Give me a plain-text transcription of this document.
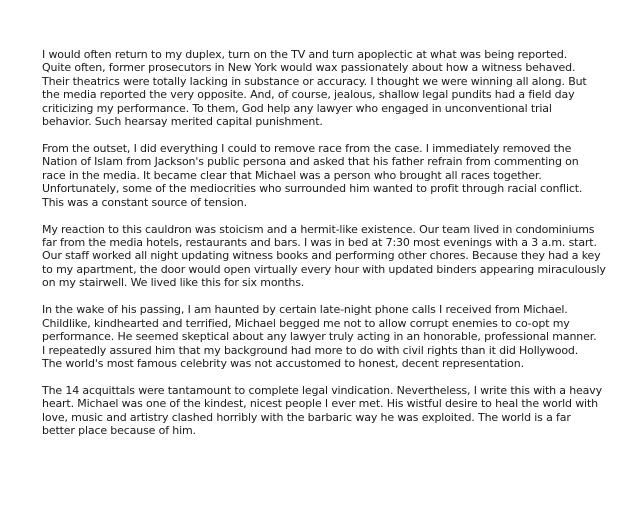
I would often return to my duplex, turn on the TV and turn apoplectic at what was being reported.
Quite often, former prosecutors in New York would wax passionately about how a witness behaved.
Their theatrics were totally lacking in substance or accuracy. I thought we were winning all along. But
the media reported the very opposite. And, of course, jealous, shallow legal pundits had a field day
criticizing my performance. To them, God help any lawyer who engaged in unconventional trial
behavior. Such hearsay merited capital punishment.

From the outset, I did everything I could to remove race from the case. I immediately removed the
Nation of Islam from Jackson's public persona and asked that his father refrain from commenting on
race in the media. It became clear that Michael was a person who brought all races together.
Unfortunately, some of the mediocrities who surrounded him wanted to profit through racial conflict.
This was a constant source of tension.

My reaction to this cauldron was stoicism and a hermit-like existence. Our team lived in condominiums
far from the media hotels, restaurants and bars. I was in bed at 7:30 most evenings with a 3 a.m. start.
Our staff worked all night updating witness books and performing other chores. Because they had a key
to my apartment, the door would open virtually every hour with updated binders appearing miraculously
on my stairwell. We lived like this for six months.

In the wake of his passing, I am haunted by certain late-night phone calls I received from Michael.
Childlike, kindhearted and terrified, Michael begged me not to allow corrupt enemies to co-opt my
performance. He seemed skeptical about any lawyer truly acting in an honorable, professional manner.
I repeatedly assured him that my background had more to do with civil rights than it did Hollywood.
The world's most famous celebrity was not accustomed to honest, decent representation.

The 14 acquittals were tantamount to complete legal vindication. Nevertheless, I write this with a heavy
heart. Michael was one of the kindest, nicest people I ever met. His wistful desire to heal the world with
love, music and artistry clashed horribly with the barbaric way he was exploited. The world is a far
better place because of him.
